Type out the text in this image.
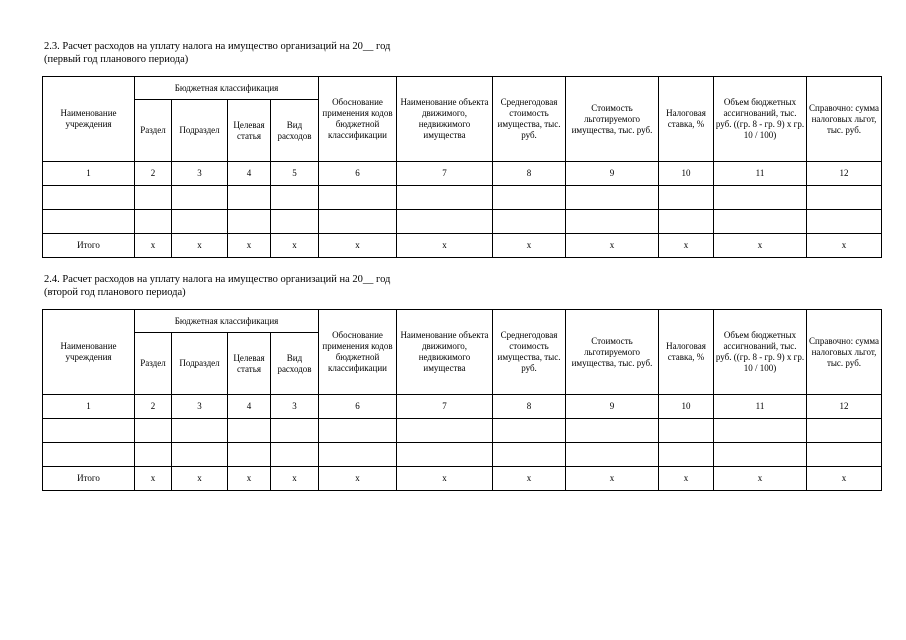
2.3. Расчет расходов на уплату налога на имущество организаций на 20__ год
(первый год планового периода)
Наименование учреждения	Бюджетная классификация				Обоснование применения кодов бюджетной классификации	Наименование объекта движимого, недвижимого имущества	Среднегодовая стоимость имущества, тыс. руб.	Стоимость льготируемого имущества, тыс. руб.	Налоговая ставка, %	Объем бюджетных ассигнований, тыс. руб. ((гр. 8 - гр. 9) x гр. 10 / 100)	Справочно: сумма налоговых льгот, тыс. руб.
	Раздел	Подраздел	Целевая статья	Вид расходов							
1	2	3	4	5	6	7	8	9	10	11	12

Итого	x	x	x	x	x	x	x	x	x	x	x
2.4. Расчет расходов на уплату налога на имущество организаций на 20__ год
(второй год планового периода)
Наименование учреждения	Бюджетная классификация				Обоснование применения кодов бюджетной классификации	Наименование объекта движимого, недвижимого имущества	Среднегодовая стоимость имущества, тыс. руб.	Стоимость льготируемого имущества, тыс. руб.	Налоговая ставка, %	Объем бюджетных ассигнований, тыс. руб. ((гр. 8 - гр. 9) x гр. 10 / 100)	Справочно: сумма налоговых льгот, тыс. руб.
	Раздел	Подраздел	Целевая статья	Вид расходов							
1	2	3	4	3	6	7	8	9	10	11	12

Итого	x	x	x	x	x	x	x	x	x	x	x
